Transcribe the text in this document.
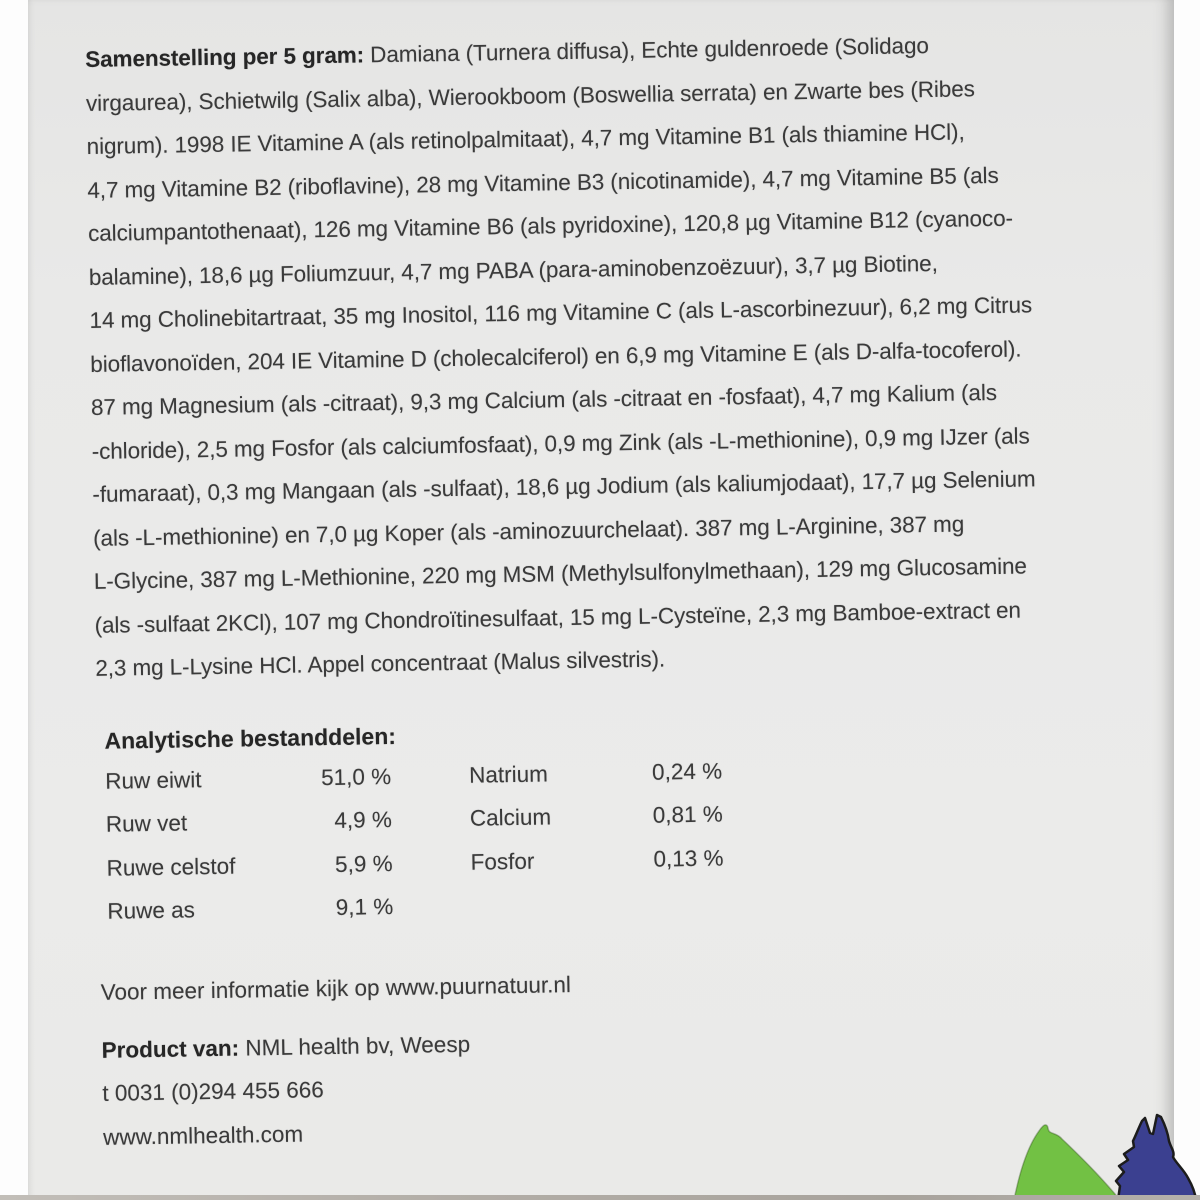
Samenstelling per 5 gram: Damiana (Turnera diffusa), Echte guldenroede (Solidago
virgaurea), Schietwilg (Salix alba), Wierookboom (Boswellia serrata) en Zwarte bes (Ribes
nigrum). 1998 IE Vitamine A (als retinolpalmitaat), 4,7 mg Vitamine B1 (als thiamine HCl),
4,7 mg Vitamine B2 (riboflavine), 28 mg Vitamine B3 (nicotinamide), 4,7 mg Vitamine B5 (als
calciumpantothenaat), 126 mg Vitamine B6 (als pyridoxine), 120,8 µg Vitamine B12 (cyanoco-
balamine), 18,6 µg Foliumzuur, 4,7 mg PABA (para-aminobenzoëzuur), 3,7 µg Biotine,
14 mg Cholinebitartraat, 35 mg Inositol, 116 mg Vitamine C (als L-ascorbinezuur), 6,2 mg Citrus
bioflavonoïden, 204 IE Vitamine D (cholecalciferol) en 6,9 mg Vitamine E (als D-alfa-tocoferol).
87 mg Magnesium (als -citraat), 9,3 mg Calcium (als -citraat en -fosfaat), 4,7 mg Kalium (als
-chloride), 2,5 mg Fosfor (als calciumfosfaat), 0,9 mg Zink (als -L-methionine), 0,9 mg IJzer (als
-fumaraat), 0,3 mg Mangaan (als -sulfaat), 18,6 µg Jodium (als kaliumjodaat), 17,7 µg Selenium
(als -L-methionine) en 7,0 µg Koper (als -aminozuurchelaat). 387 mg L-Arginine, 387 mg
L-Glycine, 387 mg L-Methionine, 220 mg MSM (Methylsulfonylmethaan), 129 mg Glucosamine
(als -sulfaat 2KCl), 107 mg Chondroïtinesulfaat, 15 mg L-Cysteïne, 2,3 mg Bamboe-extract en
2,3 mg L-Lysine HCl. Appel concentraat (Malus silvestris).
Analytische bestanddelen:
Ruw eiwit	51,0 %	Natrium	0,24 %
Ruw vet	4,9 %	Calcium	0,81 %
Ruwe celstof	5,9 %	Fosfor	0,13 %
Ruwe as	9,1 %
Voor meer informatie kijk op www.puurnatuur.nl
Product van: NML health bv, Weesp
t 0031 (0)294 455 666
www.nmlhealth.com
